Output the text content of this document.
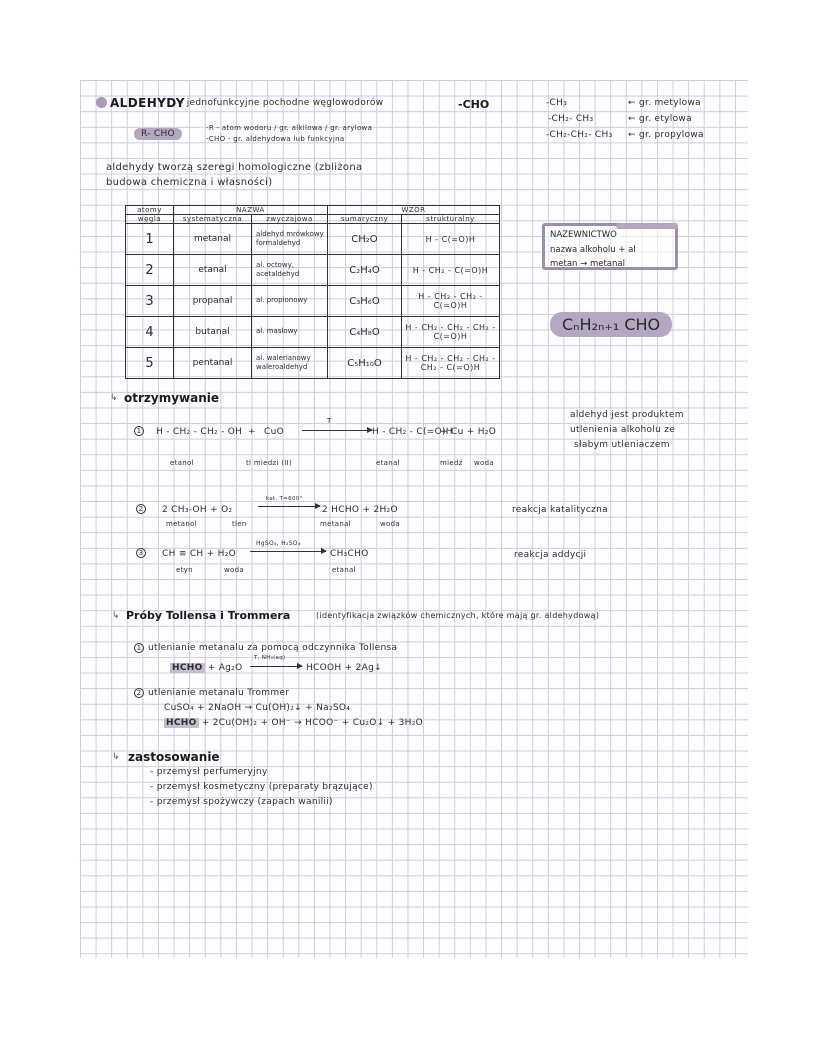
ALDEHYDY
- jednofunkcyjne pochodne węglowodorów	-CHO
R- CHO
-R - atom wodoru / gr. alkilowa / gr. arylowa
-CHO - gr. aldehydowa lub funkcyjna
-CH₃	← gr. metylowa
-CH₂- CH₃	← gr. etylowa
-CH₂-CH₂- CH₃ ← gr. propylowa
aldehydy tworzą szeregi homologiczne (zbliżona
budowa chemiczna i własności)
atomy	NAZWA		WZÓR	
węgla	systematyczna	zwyczajowa	sumaryczny	strukturalny
1	metanal	aldehyd mrówkowy formaldehyd	CH₂O	H - C(=O)H
2	etanal	al. octowy, acetaldehyd	C₂H₄O	H - CH₂ - C(=O)H
3	propanal	al. propionowy	C₃H₆O	H - CH₂ - CH₂ - C(=O)H
4	butanal	al. masłowy	C₄H₈O	H - CH₂ - CH₂ - CH₂ - C(=O)H
5	pentanal	al. walerianowy waleroaldehyd	C₅H₁₀O	H - CH₂ - CH₂ - CH₂ - CH₂ - C(=O)H
NAZEWNICTWO
nazwa alkoholu + al
metan → metanal
CₙH₂ₙ₊₁ CHO
↳ otrzymywanie
1	H - CH₂ - CH₂ - OH + CuO
T
H - CH₂ - C(=O)H
+ Cu + H₂O
etanol	tl miedzi (II)	etanal	miedź woda
aldehyd jest produktem
utlenienia alkoholu ze
słabym utleniaczem
2	2 CH₃-OH + O₂
kat. T=600°
→ 2 HCHO + 2H₂O
metanol	tlen	metanal	woda
reakcja katalityczna
3	CH ≡ CH + H₂O
HgSO₄, H₂SO₄
CH₃CHO
etyn	woda	etanal
reakcja addycji
↳ Próby Tollensa i Trommera	(identyfikacja związków chemicznych, które mają gr. aldehydową)
1 utlenianie metanalu za pomocą odczynnika Tollensa
HCHO + Ag₂O
T, NH₃(aq)
→ HCOOH + 2Ag↓
2 utlenianie metanalu Trommer
CuSO₄ + 2NaOH → Cu(OH)₂↓ + Na₂SO₄
HCHO + 2Cu(OH)₂ + OH⁻ → HCOO⁻ + Cu₂O↓ + 3H₂O
↳ zastosowanie
- przemysł perfumeryjny
- przemysł kosmetyczny (preparaty brązujące)
- przemysł spożywczy (zapach wanilii)
